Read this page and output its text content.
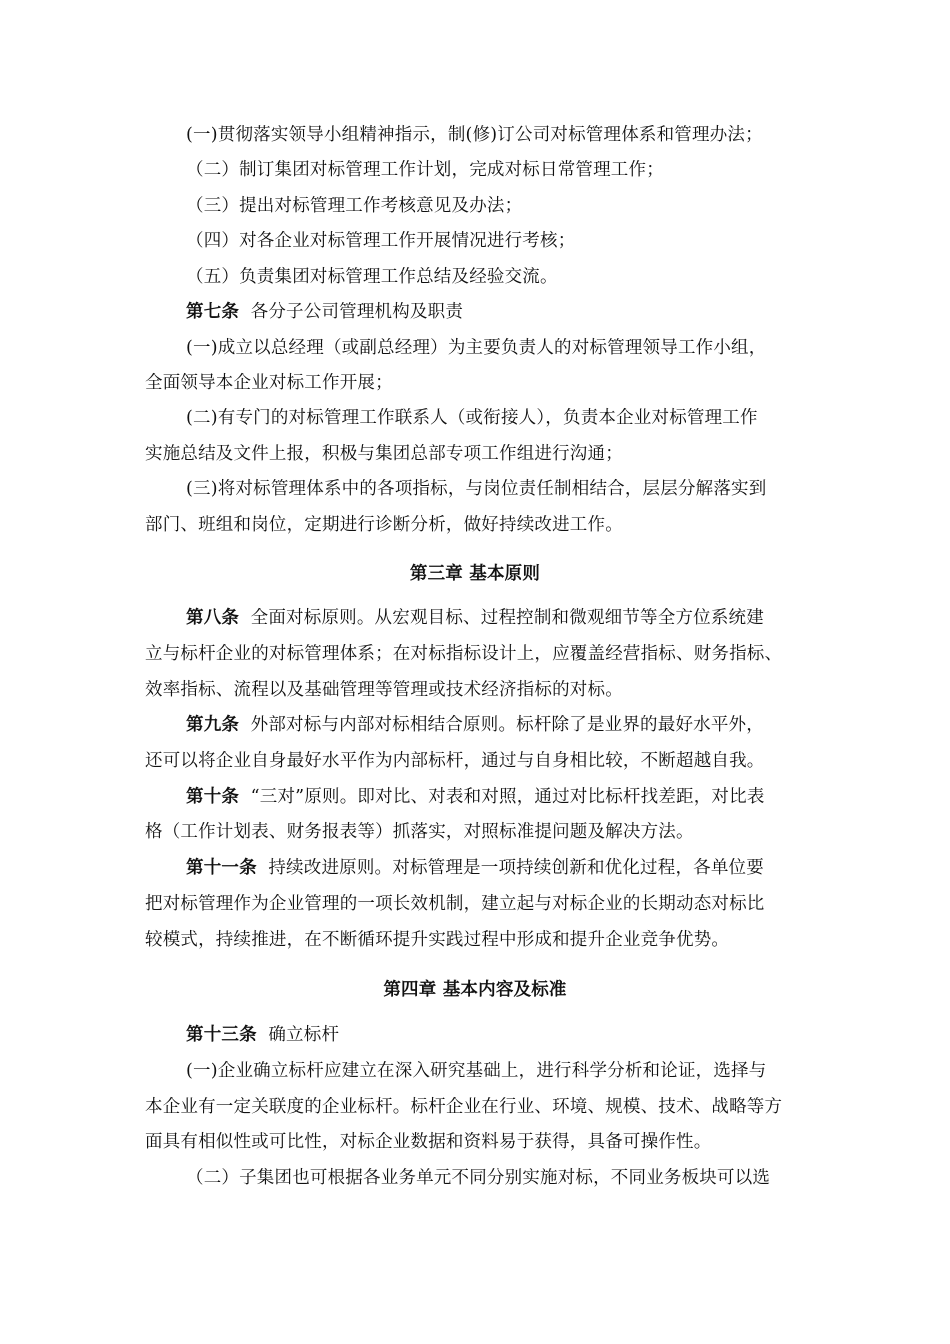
(一)贯彻落实领导小组精神指示，制(修)订公司对标管理体系和管理办法；
（二）制订集团对标管理工作计划，完成对标日常管理工作；
（三）提出对标管理工作考核意见及办法；
（四）对各企业对标管理工作开展情况进行考核；
（五）负责集团对标管理工作总结及经验交流。
第七条 各分子公司管理机构及职责
(一)成立以总经理（或副总经理）为主要负责人的对标管理领导工作小组，
全面领导本企业对标工作开展；
(二)有专门的对标管理工作联系人（或衔接人），负责本企业对标管理工作
实施总结及文件上报，积极与集团总部专项工作组进行沟通；
(三)将对标管理体系中的各项指标，与岗位责任制相结合，层层分解落实到
部门、班组和岗位，定期进行诊断分析，做好持续改进工作。
第三章 基本原则
第八条 全面对标原则。从宏观目标、过程控制和微观细节等全方位系统建
立与标杆企业的对标管理体系；在对标指标设计上，应覆盖经营指标、财务指标、
效率指标、流程以及基础管理等管理或技术经济指标的对标。
第九条 外部对标与内部对标相结合原则。标杆除了是业界的最好水平外，
还可以将企业自身最好水平作为内部标杆，通过与自身相比较，不断超越自我。
第十条 “三对”原则。即对比、对表和对照，通过对比标杆找差距，对比表
格（工作计划表、财务报表等）抓落实，对照标准提问题及解决方法。
第十一条 持续改进原则。对标管理是一项持续创新和优化过程，各单位要
把对标管理作为企业管理的一项长效机制，建立起与对标企业的长期动态对标比
较模式，持续推进，在不断循环提升实践过程中形成和提升企业竞争优势。
第四章 基本内容及标准
第十三条 确立标杆
(一)企业确立标杆应建立在深入研究基础上，进行科学分析和论证，选择与
本企业有一定关联度的企业标杆。标杆企业在行业、环境、规模、技术、战略等方
面具有相似性或可比性，对标企业数据和资料易于获得，具备可操作性。
（二）子集团也可根据各业务单元不同分别实施对标，不同业务板块可以选
